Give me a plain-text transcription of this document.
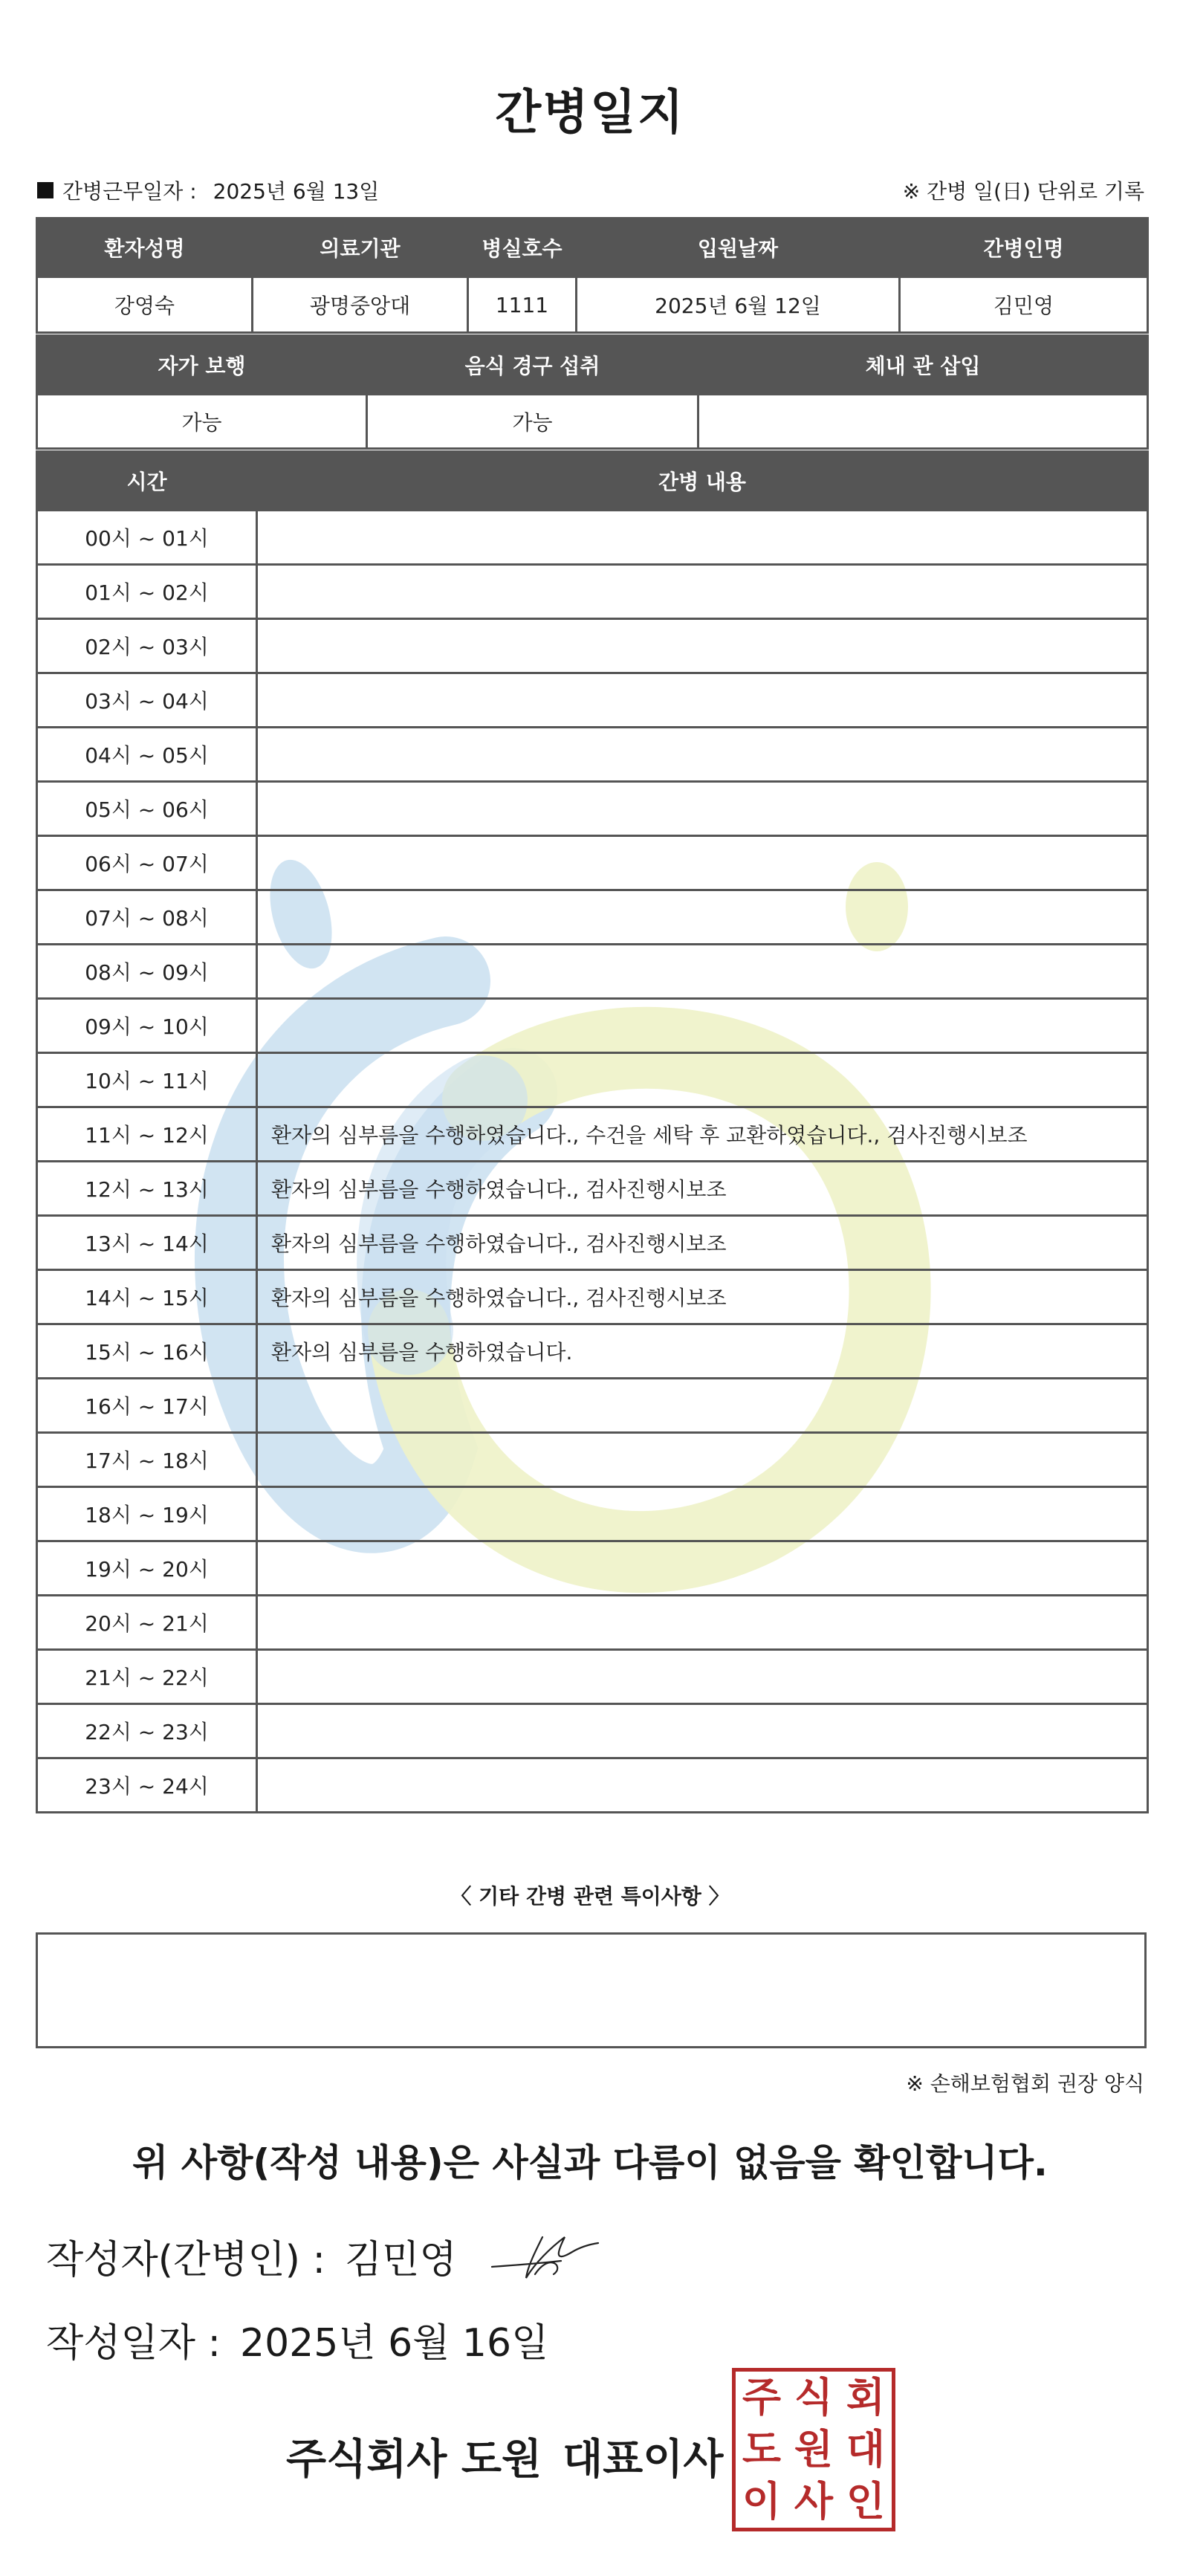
간병일지
간병근무일자 : 2025년 6월 13일	※ 간병 일(日) 단위로 기록
환자성명	의료기관	병실호수	입원날짜	간병인명
강영숙	광명중앙대	1111	2025년 6월 12일	김민영
자가 보행	음식 경구 섭취	체내 관 삽입
가능	가능	
시간	간병 내용
00시 ~ 01시	
01시 ~ 02시	
02시 ~ 03시	
03시 ~ 04시	
04시 ~ 05시	
05시 ~ 06시	
06시 ~ 07시	
07시 ~ 08시	
08시 ~ 09시	
09시 ~ 10시	
10시 ~ 11시	
11시 ~ 12시	환자의 심부름을 수행하였습니다., 수건을 세탁 후 교환하였습니다., 검사진행시보조
12시 ~ 13시	환자의 심부름을 수행하였습니다., 검사진행시보조
13시 ~ 14시	환자의 심부름을 수행하였습니다., 검사진행시보조
14시 ~ 15시	환자의 심부름을 수행하였습니다., 검사진행시보조
15시 ~ 16시	환자의 심부름을 수행하였습니다.
16시 ~ 17시	
17시 ~ 18시	
18시 ~ 19시	
19시 ~ 20시	
20시 ~ 21시	
21시 ~ 22시	
22시 ~ 23시	
23시 ~ 24시	
〈 기타 간병 관련 특이사항 〉
※ 손해보험협회 권장 양식
위 사항(작성 내용)은 사실과 다름이 없음을 확인합니다.
작성자(간병인) : 김민영
작성일자 : 2025년 6월 16일
주식회사 도원 대표이사
주 식 회
도 원 대
이 사 인
